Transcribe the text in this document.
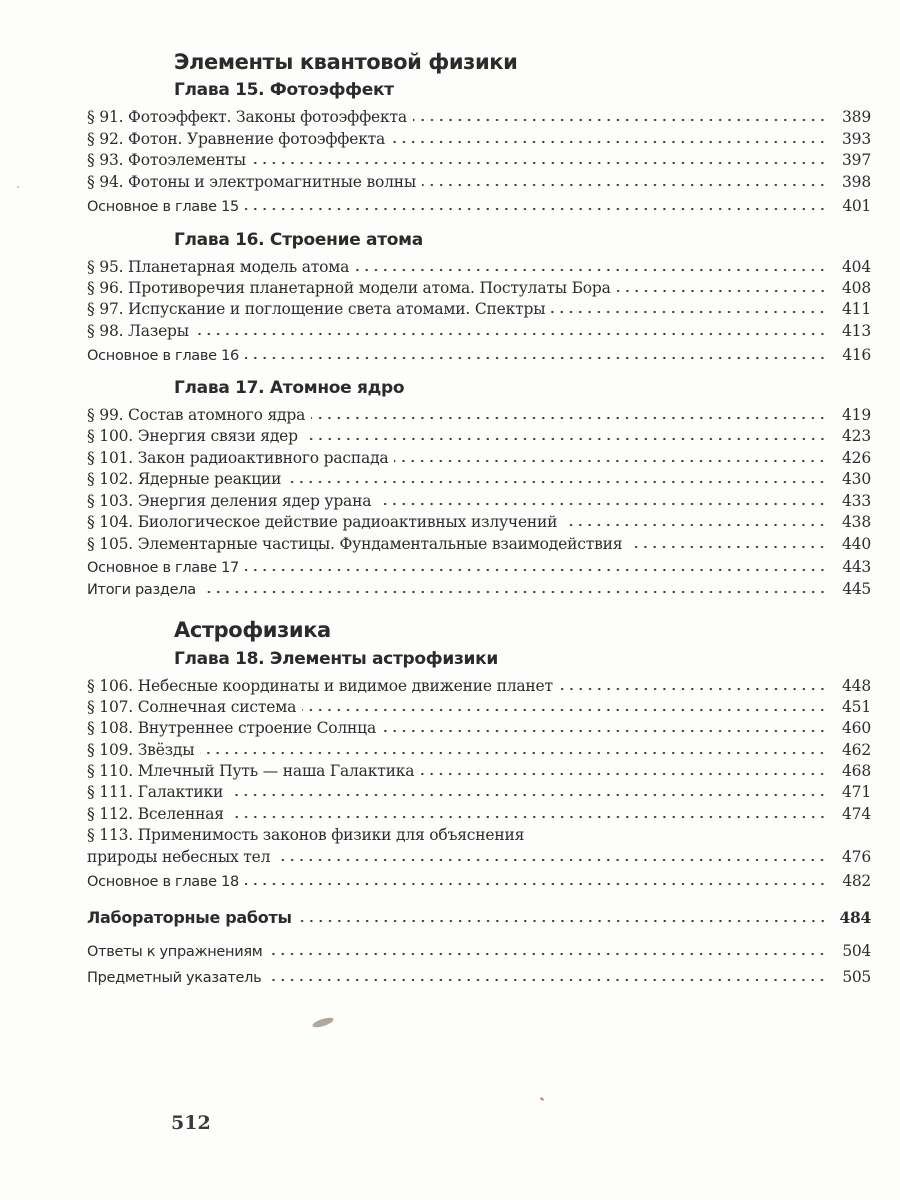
Элементы квантовой физики
Глава 15. Фотоэффект
§ 91. Фотоэффект. Законы фотоэффекта	389
§ 92. Фотон. Уравнение фотоэффекта	393
§ 93. Фотоэлементы	397
§ 94. Фотоны и электромагнитные волны	398
Основное в главе 15	401
Глава 16. Строение атома
§ 95. Планетарная модель атома	404
§ 96. Противоречия планетарной модели атома. Постулаты Бора	408
§ 97. Испускание и поглощение света атомами. Спектры	411
§ 98. Лазеры	413
Основное в главе 16	416
Глава 17. Атомное ядро
§ 99. Состав атомного ядра	419
§ 100. Энергия связи ядер	423
§ 101. Закон радиоактивного распада	426
§ 102. Ядерные реакции	430
§ 103. Энергия деления ядер урана	433
§ 104. Биологическое действие радиоактивных излучений	438
§ 105. Элементарные частицы. Фундаментальные взаимодействия	440
Основное в главе 17	443
Итоги раздела	445
Астрофизика
Глава 18. Элементы астрофизики
§ 106. Небесные координаты и видимое движение планет	448
§ 107. Солнечная система	451
§ 108. Внутреннее строение Солнца	460
§ 109. Звёзды	462
§ 110. Млечный Путь — наша Галактика	468
§ 111. Галактики	471
§ 112. Вселенная	474
§ 113. Применимость законов физики для объяснения
природы небесных тел	476
Основное в главе 18	482
Лабораторные работы	484
Ответы к упражнениям	504
Предметный указатель	505
512
